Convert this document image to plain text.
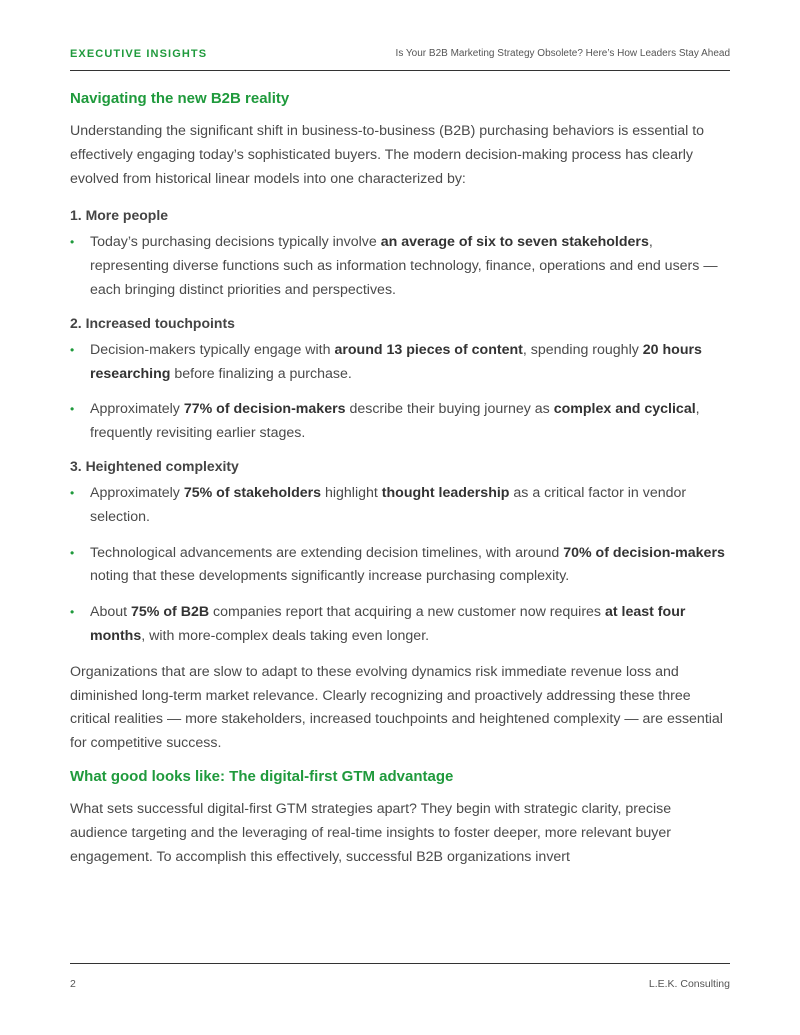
EXECUTIVE INSIGHTS	Is Your B2B Marketing Strategy Obsolete? Here’s How Leaders Stay Ahead
Navigating the new B2B reality

Understanding the significant shift in business-to-business (B2B) purchasing behaviors is essential to effectively engaging today’s sophisticated buyers. The modern decision-making process has clearly evolved from historical linear models into one characterized by:

1. More people
• Today’s purchasing decisions typically involve an average of six to seven stakeholders, representing diverse functions such as information technology, finance, operations and end users — each bringing distinct priorities and perspectives.
2. Increased touchpoints
• Decision-makers typically engage with around 13 pieces of content, spending roughly 20 hours researching before finalizing a purchase.
• Approximately 77% of decision-makers describe their buying journey as complex and cyclical, frequently revisiting earlier stages.
3. Heightened complexity
• Approximately 75% of stakeholders highlight thought leadership as a critical factor in vendor selection.
• Technological advancements are extending decision timelines, with around 70% of decision-makers noting that these developments significantly increase purchasing complexity.
• About 75% of B2B companies report that acquiring a new customer now requires at least four months, with more-complex deals taking even longer.

Organizations that are slow to adapt to these evolving dynamics risk immediate revenue loss and diminished long-term market relevance. Clearly recognizing and proactively addressing these three critical realities — more stakeholders, increased touchpoints and heightened complexity — are essential for competitive success.

What good looks like: The digital-first GTM advantage

What sets successful digital-first GTM strategies apart? They begin with strategic clarity, precise audience targeting and the leveraging of real-time insights to foster deeper, more relevant buyer engagement. To accomplish this effectively, successful B2B organizations invert

2	L.E.K. Consulting
